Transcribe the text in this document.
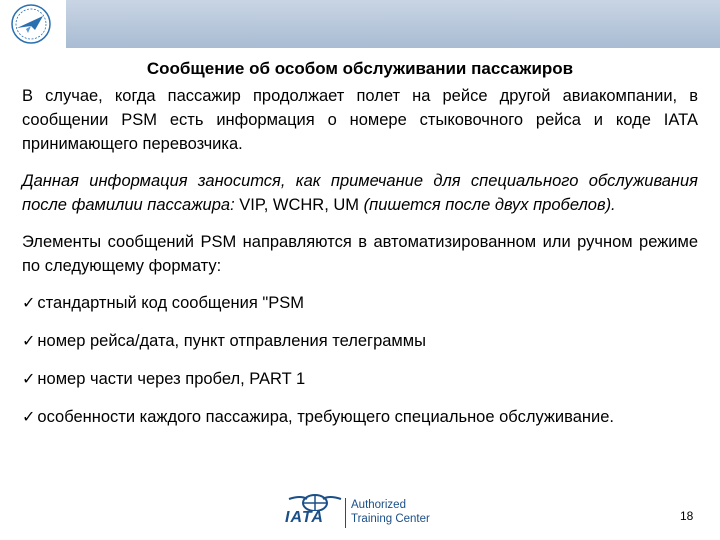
Сообщение об особом обслуживании пассажиров

В случае, когда пассажир продолжает полет на рейсе другой авиакомпании, в сообщении PSM есть информация о номере стыковочного рейса и коде IATA принимающего перевозчика.

Данная информация заносится, как примечание для специального обслуживания после фамилии пассажира: VIP, WCHR, UM (пишется после двух пробелов).

Элементы сообщений PSM направляются в автоматизированном или ручном режиме по следующему формату:

✓ стандартный код сообщения "PSM

✓ номер рейса/дата, пункт отправления телеграммы

✓ номер части через пробел, PART 1

✓ особенности каждого пассажира, требующего специальное обслуживание.

IATA
Authorized
Training Center	18
